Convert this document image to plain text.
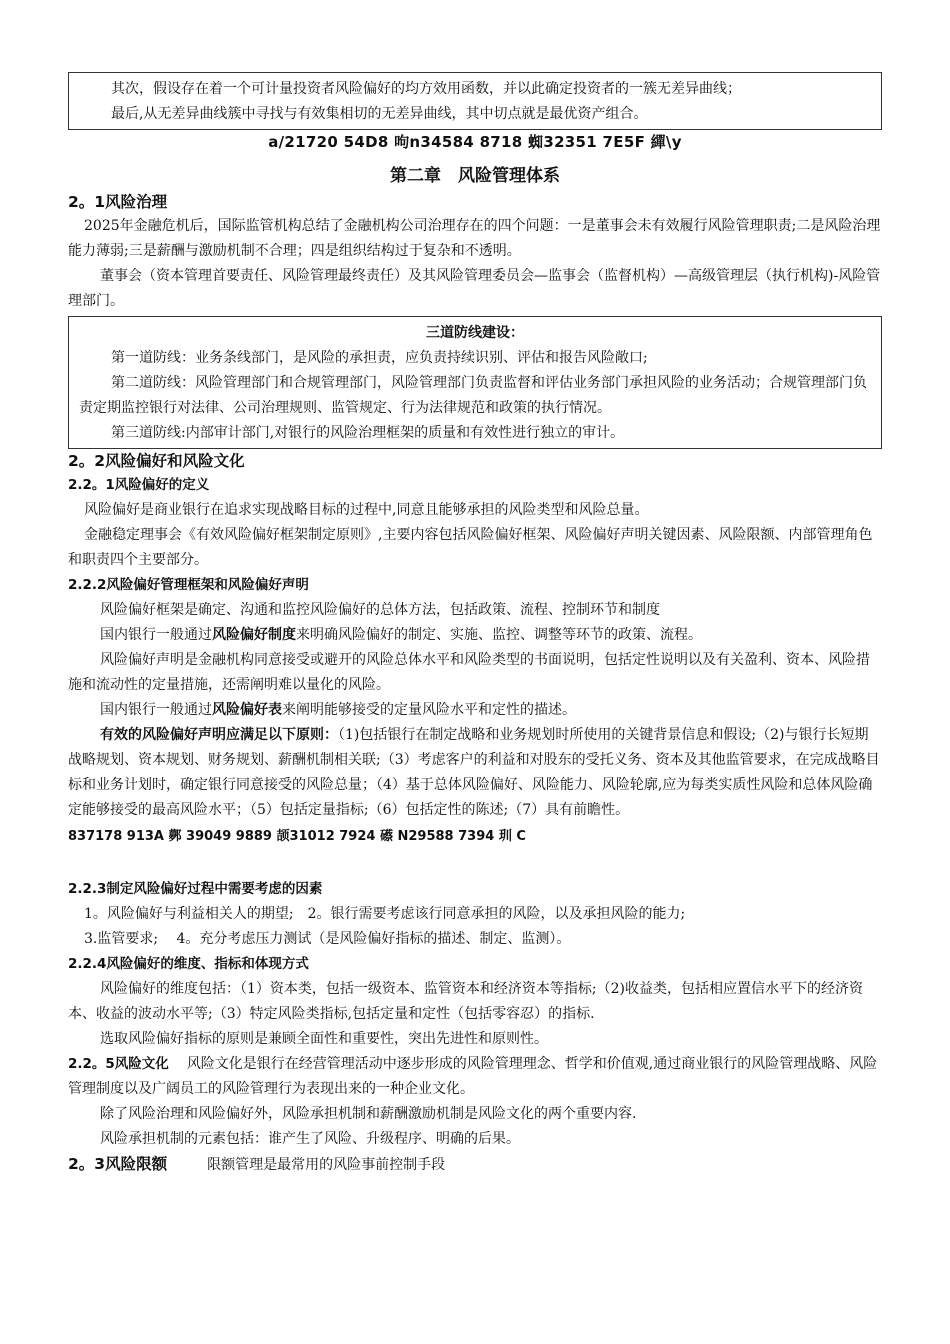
其次，假设存在着一个可计量投资者风险偏好的均方效用函数，并以此确定投资者的一簇无差异曲线；

最后,从无差异曲线簇中寻找与有效集相切的无差异曲线，其中切点就是最优资产组合。

a/21720 54D8 呴n34584 8718 蜘32351 7E5F 繟\y

第二章　风险管理体系

2。1风险治理

2025年金融危机后，国际监管机构总结了金融机构公司治理存在的四个问题：一是董事会未有效履行风险管理职责;二是风险治理能力薄弱;三是薪酬与激励机制不合理；四是组织结构过于复杂和不透明。

董事会（资本管理首要责任、风险管理最终责任）及其风险管理委员会—监事会（监督机构）—高级管理层（执行机构)-风险管理部门。

三道防线建设：

第一道防线：业务条线部门，是风险的承担责，应负责持续识别、评估和报告风险敞口;

第二道防线：风险管理部门和合规管理部门，风险管理部门负责监督和评估业务部门承担风险的业务活动；合规管理部门负责定期监控银行对法律、公司治理规则、监管规定、行为法律规范和政策的执行情况。

第三道防线:内部审计部门,对银行的风险治理框架的质量和有效性进行独立的审计。

2。2风险偏好和风险文化

2.2。1风险偏好的定义

风险偏好是商业银行在追求实现战略目标的过程中,同意且能够承担的风险类型和风险总量。

金融稳定理事会《有效风险偏好框架制定原则》,主要内容包括风险偏好框架、风险偏好声明关键因素、风险限额、内部管理角色和职责四个主要部分。

2.2.2风险偏好管理框架和风险偏好声明

风险偏好框架是确定、沟通和监控风险偏好的总体方法，包括政策、流程、控制环节和制度

国内银行一般通过风险偏好制度来明确风险偏好的制定、实施、监控、调整等环节的政策、流程。

风险偏好声明是金融机构同意接受或避开的风险总体水平和风险类型的书面说明，包括定性说明以及有关盈利、资本、风险措施和流动性的定量措施，还需阐明难以量化的风险。

国内银行一般通过风险偏好表来阐明能够接受的定量风险水平和定性的描述。

有效的风险偏好声明应满足以下原则：（1)包括银行在制定战略和业务规划时所使用的关键背景信息和假设;（2)与银行长短期战略规划、资本规划、财务规划、薪酬机制相关联;（3）考虑客户的利益和对股东的受托义务、资本及其他监管要求，在完成战略目标和业务计划时，确定银行同意接受的风险总量；（4）基于总体风险偏好、风险能力、风险轮廓,应为每类实质性风险和总体风险确定能够接受的最高风险水平；（5）包括定量指标;（6）包括定性的陈述;（7）具有前瞻性。

837178 913A 鄸 39049 9889 颉31012 7924 礤 N29588 7394 玔 C

2.2.3制定风险偏好过程中需要考虑的因素

1。风险偏好与利益相关人的期望;　2。银行需要考虑该行同意承担的风险，以及承担风险的能力;

3.监管要求;　 4。充分考虑压力测试（是风险偏好指标的描述、制定、监测）。

2.2.4风险偏好的维度、指标和体现方式

风险偏好的维度包括：（1）资本类，包括一级资本、监管资本和经济资本等指标;（2)收益类，包括相应置信水平下的经济资本、收益的波动水平等;（3）特定风险类指标,包括定量和定性（包括零容忍）的指标.

选取风险偏好指标的原则是兼顾全面性和重要性，突出先进性和原则性。

2.2。5风险文化 风险文化是银行在经营管理活动中逐步形成的风险管理理念、哲学和价值观,通过商业银行的风险管理战略、风险管理制度以及广阔员工的风险管理行为表现出来的一种企业文化。

除了风险治理和风险偏好外，风险承担机制和薪酬激励机制是风险文化的两个重要内容.

风险承担机制的元素包括：谁产生了风险、升级程序、明确的后果。

2。3风险限额	限额管理是最常用的风险事前控制手段
